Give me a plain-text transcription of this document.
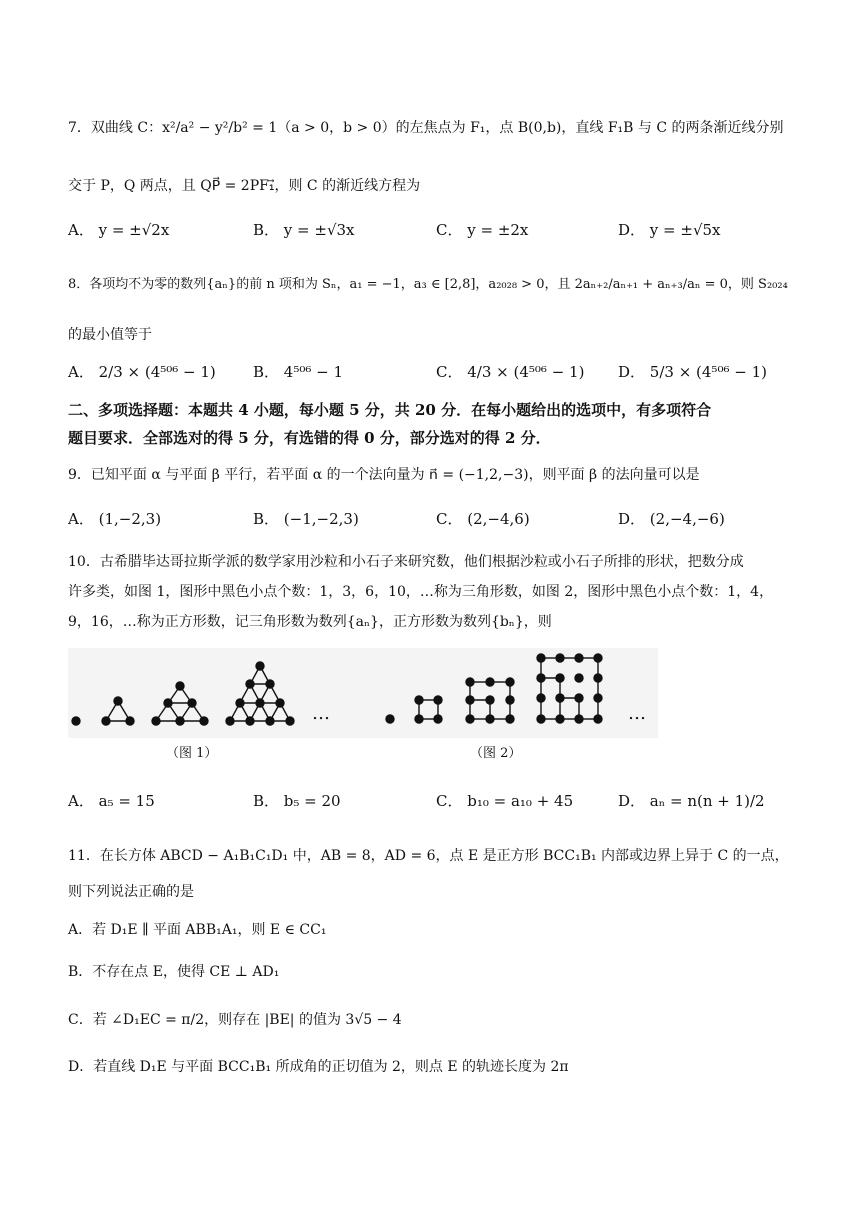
7．双曲线 C：x²/a² − y²/b² = 1（a > 0，b > 0）的左焦点为 F₁，点 B(0,b)，直线 F₁B 与 C 的两条渐近线分别
交于 P，Q 两点，且 QP⃗ = 2PF₁⃗，则 C 的渐近线方程为
A． y = ±√2x	B． y = ±√3x	C． y = ±2x	D． y = ±√5x
8．各项均不为零的数列{aₙ}的前 n 项和为 Sₙ，a₁ = −1，a₃ ∈ [2,8]，a₂₀₂₈ > 0，且 2aₙ₊₂/aₙ₊₁ + aₙ₊₃/aₙ = 0，则 S₂₀₂₄
的最小值等于
A． 2/3 × (4⁵⁰⁶ − 1) B． 4⁵⁰⁶ − 1	C． 4/3 × (4⁵⁰⁶ − 1) D． 5/3 × (4⁵⁰⁶ − 1)
二、多项选择题：本题共 4 小题，每小题 5 分，共 20 分．在每小题给出的选项中，有多项符合
题目要求．全部选对的得 5 分，有选错的得 0 分，部分选对的得 2 分．
9．已知平面 α 与平面 β 平行，若平面 α 的一个法向量为 n⃗ = (−1,2,−3)，则平面 β 的法向量可以是
A． (1,−2,3)	B． (−1,−2,3)	C． (2,−4,6)	D． (2,−4,−6)
10．古希腊毕达哥拉斯学派的数学家用沙粒和小石子来研究数，他们根据沙粒或小石子所排的形状，把数分成
许多类，如图 1，图形中黑色小点个数：1，3，6，10，…称为三角形数，如图 2，图形中黑色小点个数：1，4，
9，16，…称为正方形数，记三角形数为数列{aₙ}，正方形数为数列{bₙ}，则
…	…
（图 1）	（图 2）
A． a₅ = 15	B． b₅ = 20	C． b₁₀ = a₁₀ + 45	D． aₙ = n(n + 1)/2
11．在长方体 ABCD − A₁B₁C₁D₁ 中，AB = 8，AD = 6，点 E 是正方形 BCC₁B₁ 内部或边界上异于 C 的一点，
则下列说法正确的是
A．若 D₁E ∥ 平面 ABB₁A₁，则 E ∈ CC₁
B．不存在点 E，使得 CE ⊥ AD₁
C．若 ∠D₁EC = π/2，则存在 |BE| 的值为 3√5 − 4
D．若直线 D₁E 与平面 BCC₁B₁ 所成角的正切值为 2，则点 E 的轨迹长度为 2π
